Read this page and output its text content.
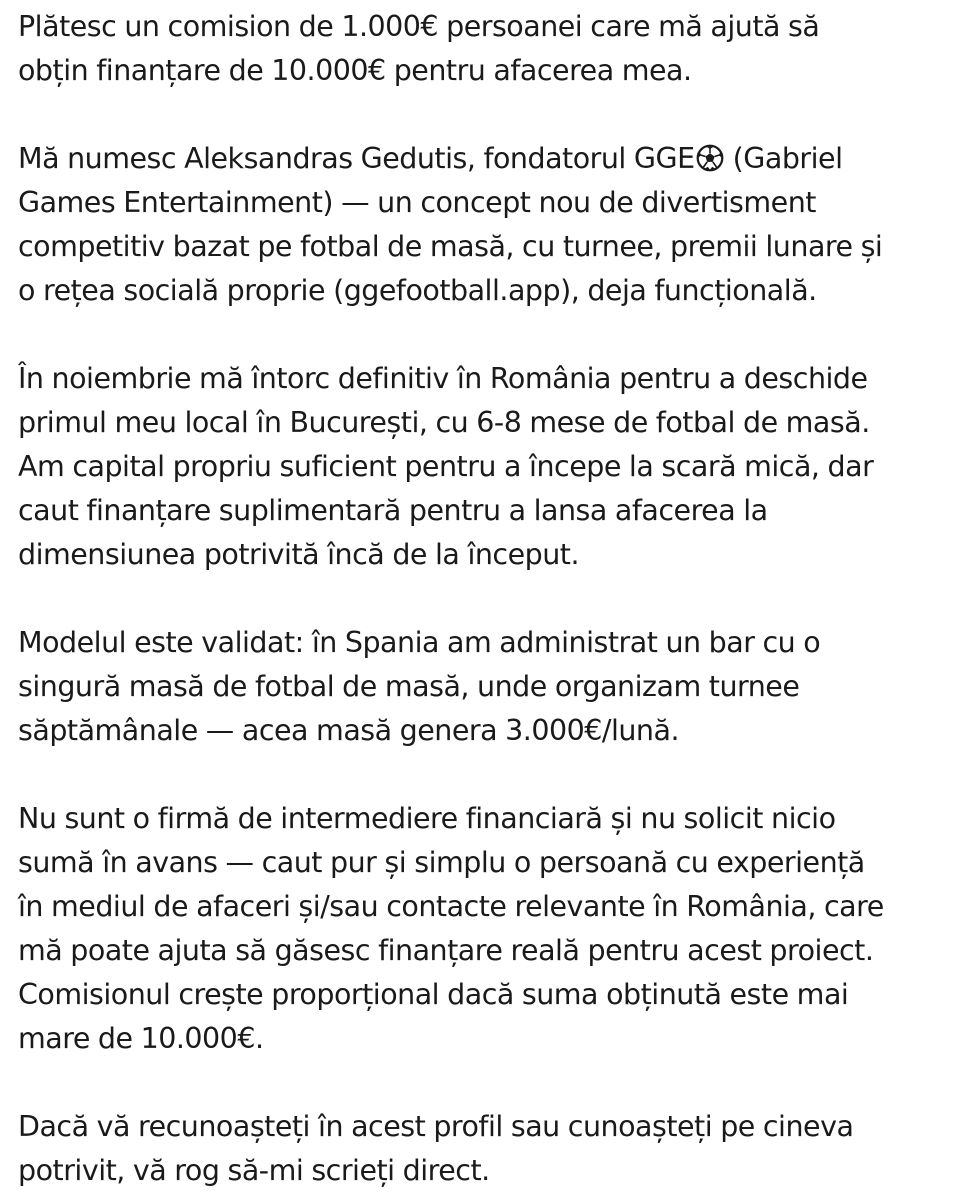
Plătesc un comision de 1.000€ persoanei care mă ajută să
obțin finanțare de 10.000€ pentru afacerea mea.

Mă numesc Aleksandras Gedutis, fondatorul GGE (Gabriel
Games Entertainment) — un concept nou de divertisment
competitiv bazat pe fotbal de masă, cu turnee, premii lunare și
o rețea socială proprie (ggefootball.app), deja funcțională.

În noiembrie mă întorc definitiv în România pentru a deschide
primul meu local în București, cu 6-8 mese de fotbal de masă.
Am capital propriu suficient pentru a începe la scară mică, dar
caut finanțare suplimentară pentru a lansa afacerea la
dimensiunea potrivită încă de la început.

Modelul este validat: în Spania am administrat un bar cu o
singură masă de fotbal de masă, unde organizam turnee
săptămânale — acea masă genera 3.000€/lună.

Nu sunt o firmă de intermediere financiară și nu solicit nicio
sumă în avans — caut pur și simplu o persoană cu experiență
în mediul de afaceri și/sau contacte relevante în România, care
mă poate ajuta să găsesc finanțare reală pentru acest proiect.
Comisionul crește proporțional dacă suma obținută este mai
mare de 10.000€.

Dacă vă recunoașteți în acest profil sau cunoașteți pe cineva
potrivit, vă rog să-mi scrieți direct.
